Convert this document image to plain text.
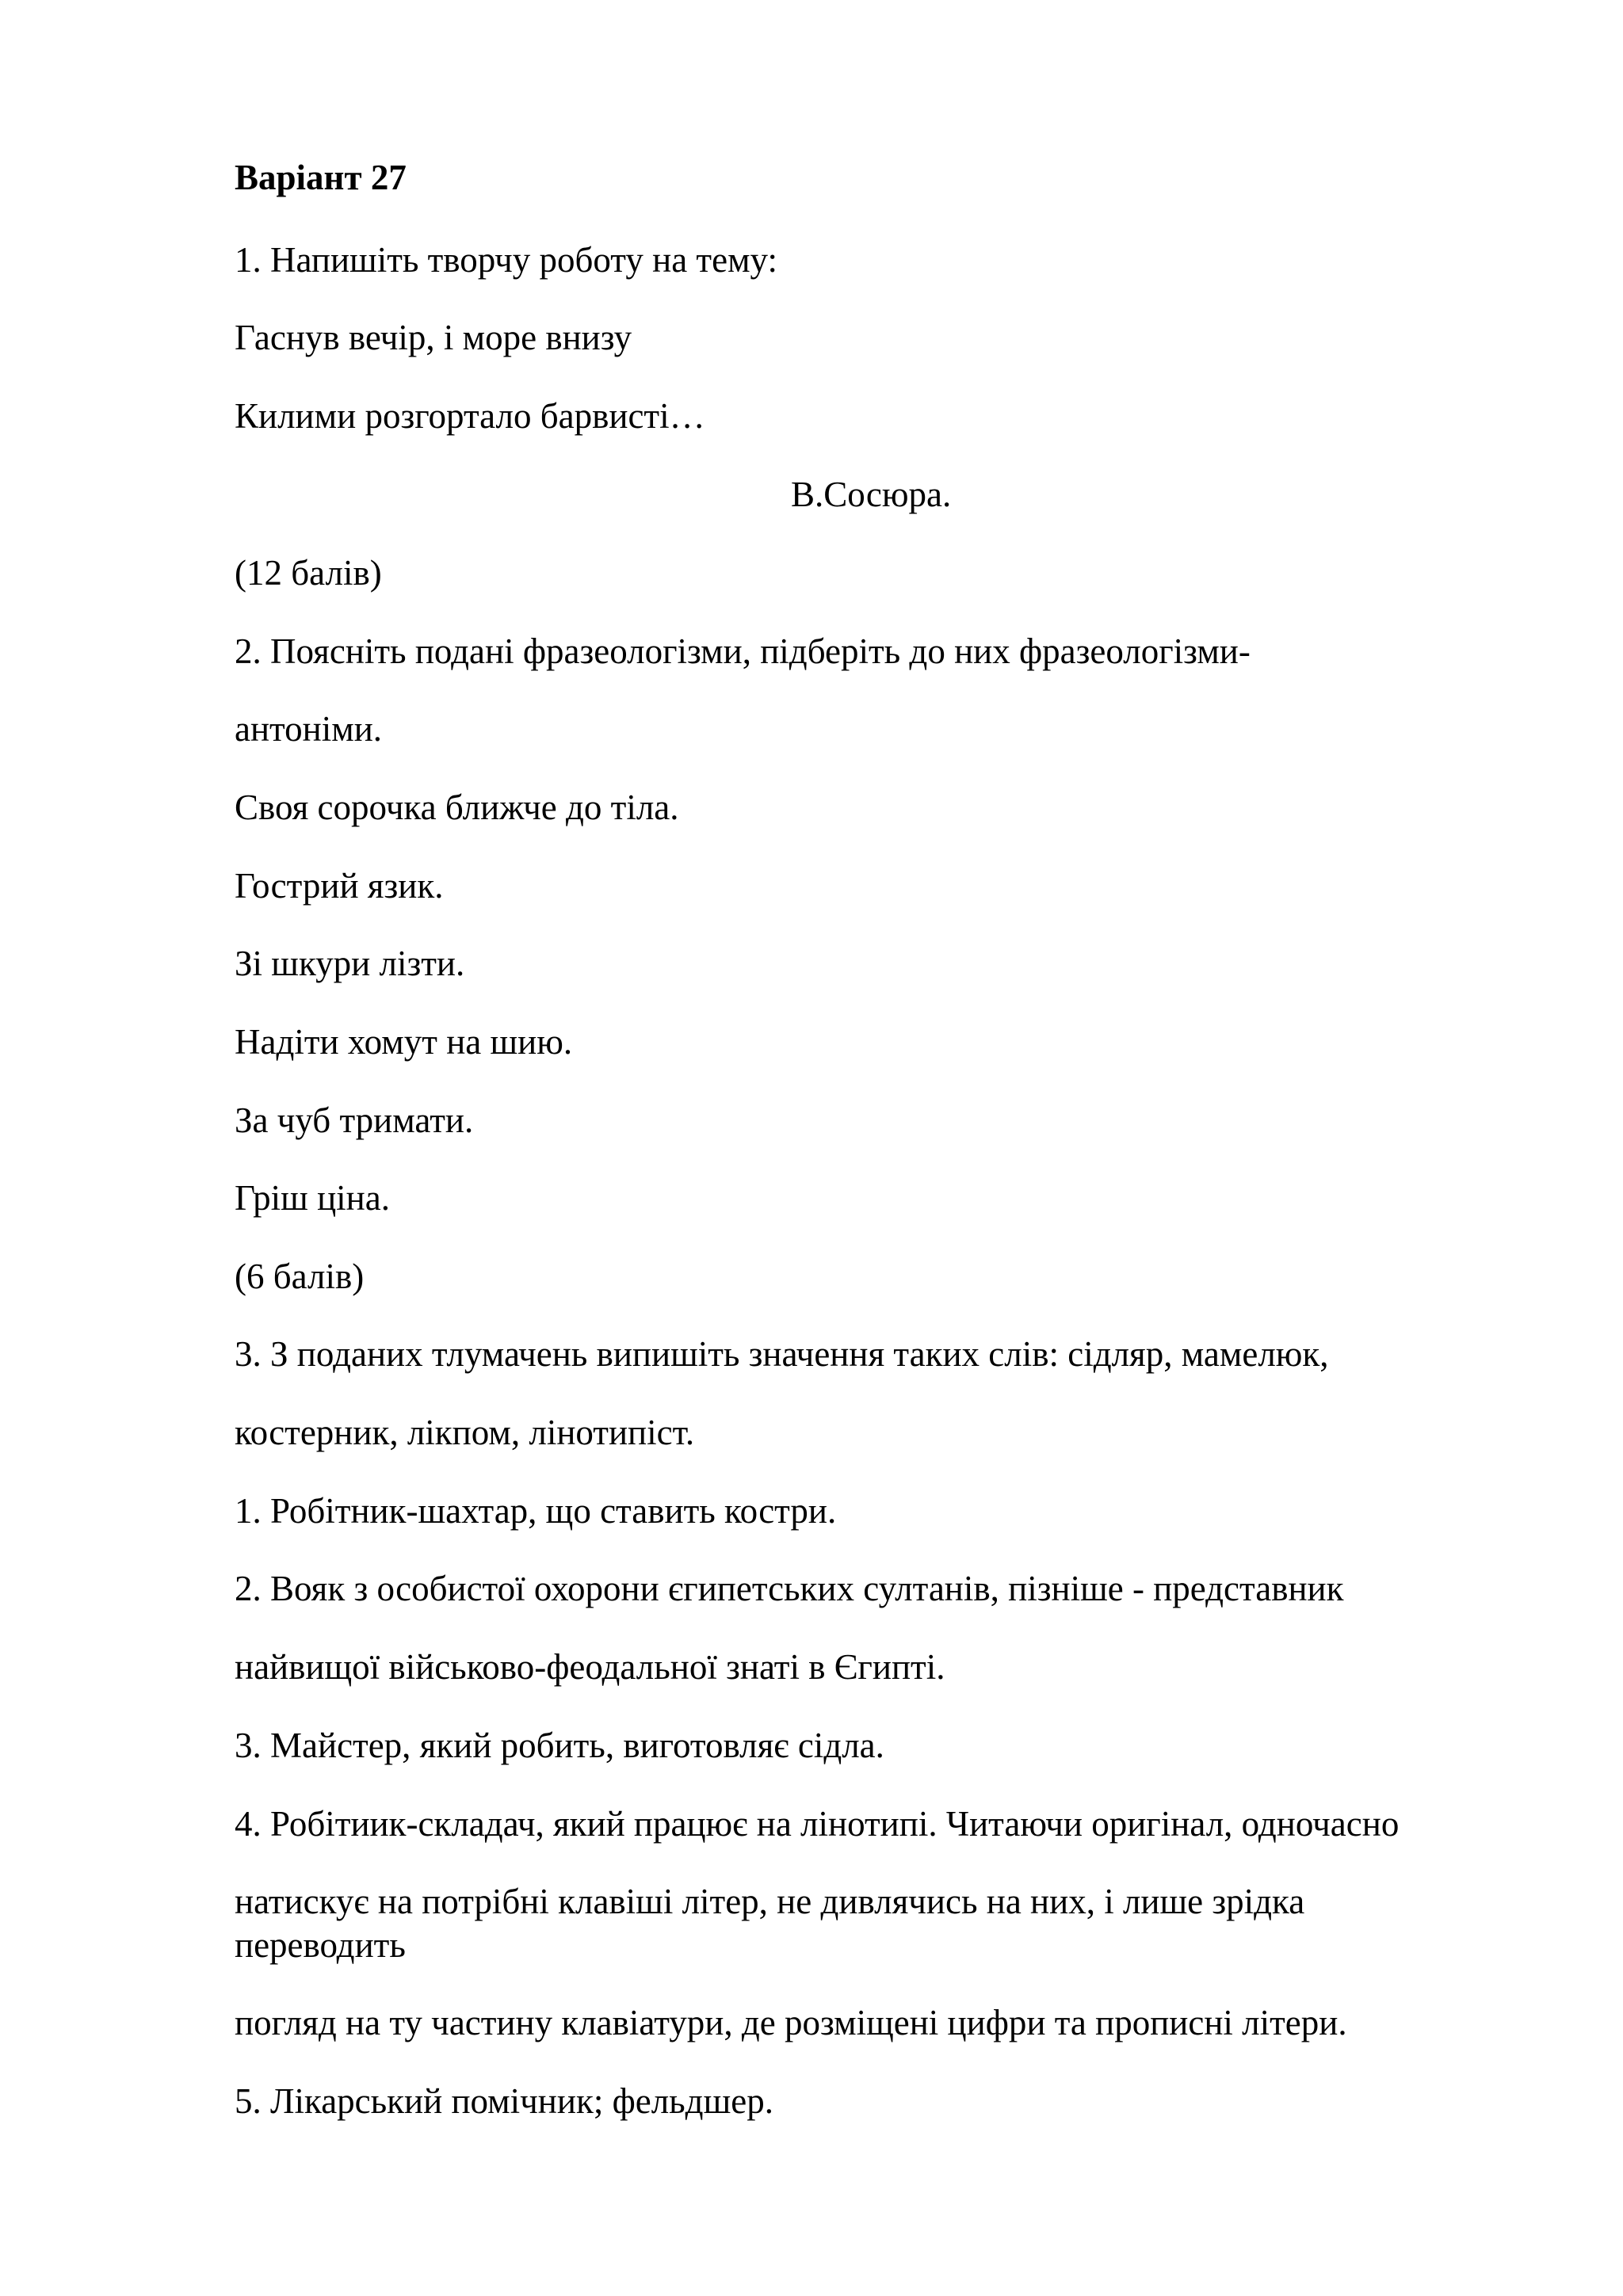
Варіант 27
1. Напишіть творчу роботу на тему:
Гаснув вечір, і море внизу
Килими розгортало барвисті…
В.Сосюра.
(12 балів)
2. Поясніть подані фразеологізми, підберіть до них фразеологізми-
антоніми.
Своя сорочка ближче до тіла.
Гострий язик.
Зі шкури лізти.
Надіти хомут на шию.
За чуб тримати.
Гріш ціна.
(6 балів)
3. З поданих тлумачень випишіть значення таких слів: сідляр, мамелюк,
костерник, лікпом, лінотипіст.
1. Робітник-шахтар, що ставить костри.
2. Вояк з особистої охорони єгипетських султанів, пізніше - представник
найвищої військово-феодальної знаті в Єгипті.
3. Майстер, який робить, виготовляє сідла.
4. Робітиик-складач, який працює на лінотипі. Читаючи оригінал, одночасно
натискує на потрібні клавіші літер, не дивлячись на них, і лише зрідка
переводить
погляд на ту частину клавіатури, де розміщені цифри та прописні літери.
5. Лікарський помічник; фельдшер.
